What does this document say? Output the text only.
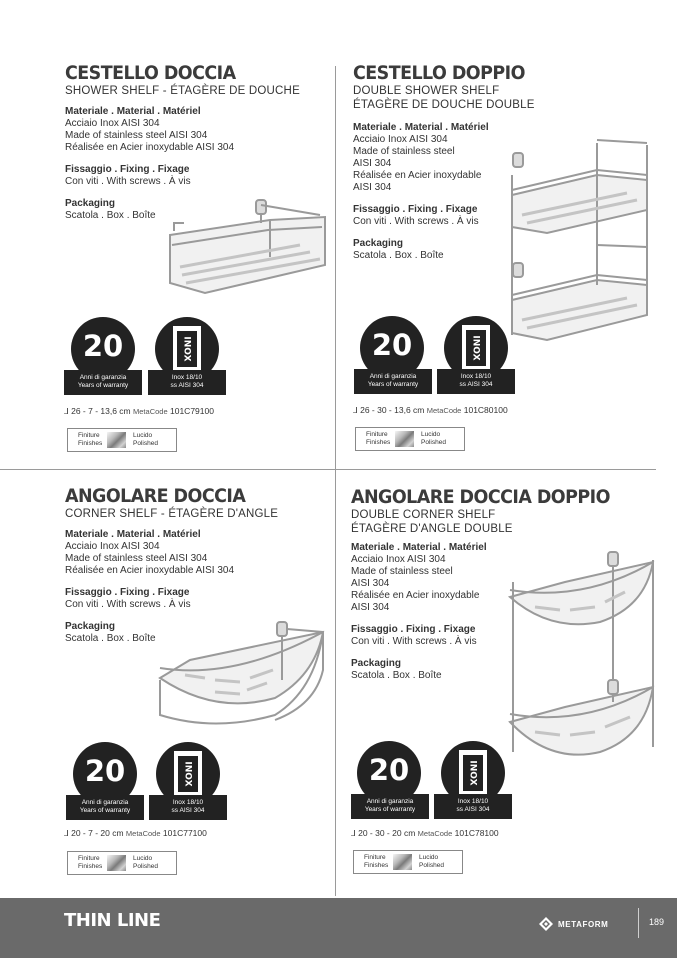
CESTELLO DOCCIA
SHOWER SHELF - ÉTAGÈRE DE DOUCHE
Materiale . Material . Matériel
Acciaio Inox AISI 304
Made of stainless steel AISI 304
Réalisée en Acier inoxydable AISI 304
Fissaggio . Fixing . Fixage
Con viti . With screws . À vis
Packaging
Scatola . Box . Boîte
20
Anni di garanzia
Years of warranty
INOX
Inox 18/10
ss AISI 304
⅃ 26 - 7 - 13,6 cm MetaCode 101C79100
Finiture
Finishes
Lucido
Polished
CESTELLO DOPPIO
DOUBLE SHOWER SHELF
ÉTAGÈRE DE DOUCHE DOUBLE
Materiale . Material . Matériel
Acciaio Inox AISI 304
Made of stainless steel
AISI 304
Réalisée en Acier inoxydable
AISI 304
Fissaggio . Fixing . Fixage
Con viti . With screws . À vis
Packaging
Scatola . Box . Boîte
20
Anni di garanzia
Years of warranty
INOX
Inox 18/10
ss AISI 304
⅃ 26 - 30 - 13,6 cm MetaCode 101C80100
Finiture
Finishes
Lucido
Polished
ANGOLARE DOCCIA
CORNER SHELF - ÉTAGÈRE D'ANGLE
Materiale . Material . Matériel
Acciaio Inox AISI 304
Made of stainless steel AISI 304
Réalisée en Acier inoxydable AISI 304
Fissaggio . Fixing . Fixage
Con viti . With screws . À vis
Packaging
Scatola . Box . Boîte
20
Anni di garanzia
Years of warranty
INOX
Inox 18/10
ss AISI 304
⅃ 20 - 7 - 20 cm MetaCode 101C77100
Finiture
Finishes
Lucido
Polished
ANGOLARE DOCCIA DOPPIO
DOUBLE CORNER SHELF
ÉTAGÈRE D'ANGLE DOUBLE
Materiale . Material . Matériel
Acciaio Inox AISI 304
Made of stainless steel
AISI 304
Réalisée en Acier inoxydable
AISI 304
Fissaggio . Fixing . Fixage
Con viti . With screws . À vis
Packaging
Scatola . Box . Boîte
20
Anni di garanzia
Years of warranty
INOX
Inox 18/10
ss AISI 304
⅃ 20 - 30 - 20 cm MetaCode 101C78100
Finiture
Finishes
Lucido
Polished
THIN LINE	METAFORM	189
